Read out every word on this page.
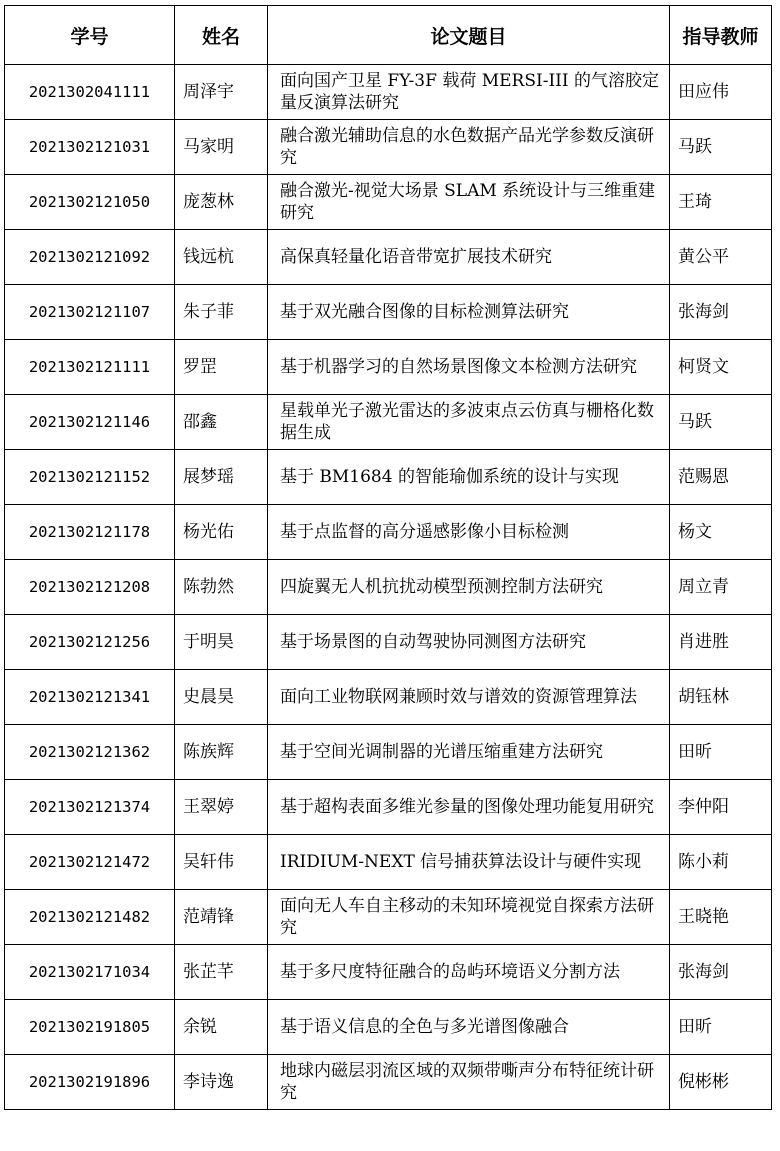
学号	姓名	论文题目	指导教师
2021302041111	周泽宇	面向国产卫星 FY-3F 载荷 MERSI-III 的气溶胶定量反演算法研究	田应伟
2021302121031	马家明	融合激光辅助信息的水色数据产品光学参数反演研究	马跃
2021302121050	庞葱林	融合激光-视觉大场景 SLAM 系统设计与三维重建研究	王琦
2021302121092	钱远杭	高保真轻量化语音带宽扩展技术研究	黄公平
2021302121107	朱子菲	基于双光融合图像的目标检测算法研究	张海剑
2021302121111	罗罡	基于机器学习的自然场景图像文本检测方法研究	柯贤文
2021302121146	邵鑫	星载单光子激光雷达的多波束点云仿真与栅格化数据生成	马跃
2021302121152	展梦瑶	基于 BM1684 的智能瑜伽系统的设计与实现	范赐恩
2021302121178	杨光佑	基于点监督的高分遥感影像小目标检测	杨文
2021302121208	陈勃然	四旋翼无人机抗扰动模型预测控制方法研究	周立青
2021302121256	于明昊	基于场景图的自动驾驶协同测图方法研究	肖进胜
2021302121341	史晨昊	面向工业物联网兼顾时效与谱效的资源管理算法	胡钰林
2021302121362	陈族辉	基于空间光调制器的光谱压缩重建方法研究	田昕
2021302121374	王翠婷	基于超构表面多维光参量的图像处理功能复用研究	李仲阳
2021302121472	吴轩伟	IRIDIUM-NEXT 信号捕获算法设计与硬件实现	陈小莉
2021302121482	范靖锋	面向无人车自主移动的未知环境视觉自探索方法研究	王晓艳
2021302171034	张芷芊	基于多尺度特征融合的岛屿环境语义分割方法	张海剑
2021302191805	余锐	基于语义信息的全色与多光谱图像融合	田昕
2021302191896	李诗逸	地球内磁层羽流区域的双频带嘶声分布特征统计研究	倪彬彬
